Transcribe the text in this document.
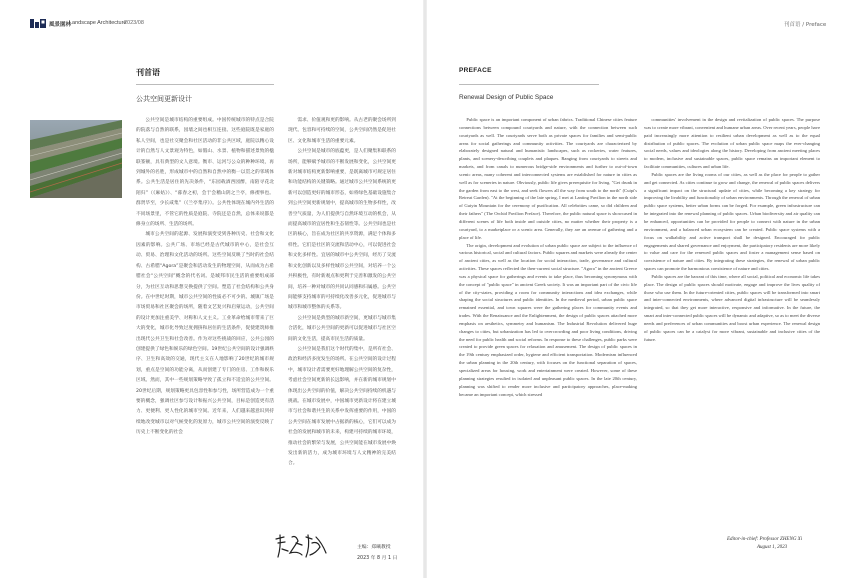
風景園林
Landscape Architecture
2023/08	刊首语 / Preface
刊首语
公共空间更新设计

公共空间是城市结构的重要组成。中国传统城市的特点是合院的院落与自然的联系，园墙之间也相互连接。这些庭院既是家庭的私人空间，也是社交聚会和社区活动的非公共区域，庭院以精心设计的自然与人文景观为特色，如假山、水景、植物和描述景致的楹联篆额，具有典型的文人意境。衡市、运河与公众的种种环境，再到城外的名胜，形成城市中的自然和自然中的衡一以贯之的邻域体系。公共生活是居住的先决条件，“东园载酒西园醉，南陌寻花北陌归”（《麻姑》）、“暮春之初，会于会稽山阴之兰亭，修禊事也。群贤毕至，少长咸集”（《兰亭集序》）。公共性体现在城内外生活的不同场景里，不管它的性质是庭院、寺院还是自然，总体来说都是修身立的场所、生活的场所。

城市公共空间的起源、发展和演变受到各种历史、社会和文化因素的影响。公共广场、市场已经是古代城市的中心，是社会互动、贸易、治理和文化活动的场所。这些空间反映了当时的社会结构、古希腊“Agora”是聚会和活动发生的物理空间，从而成为古希腊社会“公共空间”概念的代名词。是城邦市民生活的重要组成部分，为社区互动和思想交换提供了空间。塑造了社会结构和公共身份。在中世纪时期，城市公共空间的性质必不可少的。城镇广场是市场贸易和社区聚会的场所，随着文艺复兴和启蒙运动，公共空间的设计更加注重美学、对称和人文主义。工业革命给城市带来了巨大的变化，城市化导致过度拥挤和居住的生活条件，促使建筑师推出现代公共卫生和社会改善。作为对这些挑战的回应，公共公园的创建提供了绿色和娱乐的绿色空间。19世纪公共空间的设计强调秩序、卫生和高效的交通，现代主义在人地影响了20世纪的城市规划，重点是空间的功能分离，从而创建了专门的住房、工作和娱乐区域。然而，其中一些规划策略导致了孤立和不适宜的公共空间。20世纪后期，规划策略更具包容性和参与性，场所营造成为一个重要的概念，强调社区参与设计和振兴公共空间，目标是创造更有活力、更便利、更人性化的城市空间。近年来，人们越来越意识到持续地改变城市以对气候变化的复原力，城市公共空间的演变反映了历史上不断变化的社会

需求、价值观和更的影响。从古老的聚会场所到现代、包容和可持续的空间，公共空间仍然是促进社区、文化和城市生活的重要元素。

公共空间是城市的底蕴更，是人们聚集和联系的场所，能够赋予城市的不断发展和变化，公共空间更新对城市结构更新影响重要，是既离城市可规定居住和功能结构的关键策略。通过城市公共空间系统的更新可以创造更好的城市形态，如将绿色基础设施集合到公共空间更新规划中，提高城市的生物多样性，改善空气质量，为人们提供与自然环境互动的机会，从而提高城市的宜居性和生态韧性等。公共空间也是社区的核心，旨在成为社区的共享资源，满足个体和多样性。它们是社区的交流和活动中心，可以促进社会和文化多样性。宜居的城市中公共空间，经历了交流和文化创新以及多样性城市公共空间，对培养一个公共积极性，有时新观点和更利于完善和激发的公共空间，培养一种对城市的共同认同感和归属感。公共空间能够支持城市的可持续化改善多元化，促进城市与城市和城市整体的关系等。

公共空间是典型的城市新空间，更城市与城市集合活化，城市公共空间的更新可以促进城市与社区空间的文化生活，提高市民生活的质量。

公共空间是我们这个时代的集中，是所有社会、政治和经济多度发生的场所。在公共空间的设计过程中，城市设计者需要更好地理解公共空间的复杂性，考虑社会空间更新的长远影响，并在新的城市规划中体现出公共空间的价值，解决公共空间持续的机遇与挑战。在城市发展中，中国城市更新设计将在建立城市与社会和谐共生的关系中发挥重要的作用，中国的公共空间在城市发展中占据新的核心，它们可以成为社会的发展和城市的未来，构建可持续的城市环境，推动社会的繁荣与发展，公共空间能在城市发展中焕发出新的活力，成为城市环境与人文精神的完美结合。

主编：郑曦教授
2023 年 8 月 1 日
PREFACE
Renewal Design of Public Space

Public space is an important component of urban fabrics. Traditional Chinese cities feature connections between compound courtyards and nature, with the connection between such courtyards as well. The courtyards serve both as private spaces for families and semi-public areas for social gatherings and community activities. The courtyards are characterized by elaborately designed natural and humanistic landscapes, such as rockeries, water features, plants, and scenery-describing couplets and plaques. Ranging from courtyards to streets and markets, and from canals to numerous bridge-side environments and further to out-of-town scenic areas, many coherent and interconnected systems are established for nature in cities as well as for sceneries in nature. Obviously, public life gives prerequisite for living. "Get drunk in the garden from east to the west, and seek flowers all the way from south to the north" (Cuipi's Retreat Garden). "At the beginning of the late spring, I met at Lanting Pavilion in the north side of Guiyin Mountain for the ceremony of purification. All celebrities came, so did children and their fathers" (The Orchid Pavilion Preface). Therefore, the public natural space is showcased in different scenes of life both inside and outside cities, no matter whether their property is a courtyard, to a marketplace or a scenic area. Generally, they are an avenue of gathering and a place of life.

The origin, development and evolution of urban public space are subject to the influence of various historical, social and cultural factors. Public squares and markets were already the center of ancient cities, as well as the location for social interaction, trade, governance and cultural activities. These spaces reflected the then-current social structure. "Agora" in the ancient Greece was a physical space for gatherings and events to take place, thus becoming synonymous with the concept of "public space" in ancient Greek society. It was an important part of the civic life of the city-states, providing a room for community interactions and idea exchanges, while shaping the social structures and public identities. In the medieval period, urban public space remained essential, and town squares were the gathering places for community events and trades. With the Renaissance and the Enlightenment, the design of public spaces attached more emphasis on aesthetics, symmetry and humanism. The Industrial Revolution delivered huge changes to cities, but urbanization has led to overcrowding and poor living conditions, driving the need for public health and social reforms. In response to these challenges, public parks were created to provide green spaces for relaxation and amusement. The design of public spaces in the 19th century emphasized order, hygiene and efficient transportation. Modernism influenced the urban planning in the 20th century, with focuses on the functional separation of spaces, specialized areas for housing, work and entertainment were created. However, some of these planning strategies resulted in isolated and unpleasant public spaces. In the late 20th century, planning was shifted to render more inclusive and participatory approaches, place-making became an important concept, which stressed

communities' involvement in the design and revitalization of public spaces. The purpose was to create more vibrant, convenient and humane urban areas. Over recent years, people have paid increasingly more attention to resilient urban development as well as to the equal distribution of public spaces. The evolution of urban public space maps the ever-changing social needs, values and ideologies along the history. Developing from ancient meeting places to modern, inclusive and sustainable spaces, public space remains an important element to facilitate communities, cultures and urban life.

Public spaces are the living rooms of our cities, as well as the place for people to gather and get connected. As cities continue to grow and change, the renewal of public spaces delivers a significant impact on the structural update of cities, while becoming a key strategy for improving the livability and functionality of urban environments. Through the renewal of urban public space systems, better urban forms can be forged. For example, green infrastructure can be integrated into the renewal planning of public spaces. Urban biodiversity and air quality can be enhanced, opportunities can be provided for people to connect with nature in the urban environment, and a balanced urban ecosystem can be created. Public space systems with a focus on walkability and active transport shall be designed. Encouraged for public engagements and shared governance and enjoyment, the participatory residents are more likely to value and care for the renewed public spaces and foster a management sense based on coexistence of nature and cities. By integrating these strategies, the renewal of urban public spaces can promote the harmonious coexistence of nature and cities.

Public spaces are the barrant of this time, where all social, political and economic life takes place. The design of public spaces should motivate, engage and improve the lives quality of those who use them. In the future-oriented cities, public spaces will be transformed into smart and inter-connected environments, where advanced digital infrastructure will be seamlessly integrated, so that they get more interactive, responsive and informative. In the future, the smart and inter-connected public spaces will be dynamic and adaptive, so as to meet the diverse needs and preferences of urban communities and boost urban experience. The renewal design of public spaces can be a catalyst for more vibrant, sustainable and inclusive cities of the future.

Editor-in-chief: Professor ZHENG Xi
August 1, 2023
